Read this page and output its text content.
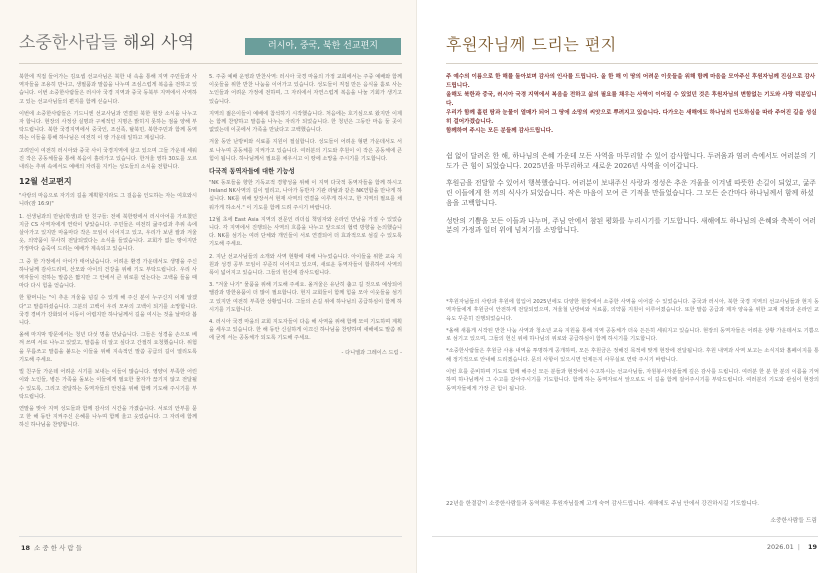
소중한사람들 해외 사역	러시아, 중국, 북한 선교편지

북한에 직접 들어가는 김요셉 선교사님은 북한 내 속을 통해 지역 주민들과 사역자들을 조용히 만나고, 생필품과 말씀을 나누며 조심스럽게 복음을 전하고 있습니다. 이번 소중한사람들은 러시아 국경 지역과 중국 동북부 지역에서 사역하고 있는 선교사님들의 편지를 함께 싣습니다.

이번에 소중한사람들은 기드니엔 선교사님과 연결된 북한 현장 소식을 나누고자 합니다. 현장의 사정상 실명과 구체적인 지명은 밝히지 못하는 점을 양해 부탁드립니다. 북한 국경지역에서 중국인, 조선족, 탈북민, 북한주민과 함께 동역하는 이들을 통해 하나님은 여전히 이 땅 가운데 일하고 계십니다.

고려인이 여전히 러시아와 중국 사이 국경지역에 살고 있으며 그들 가운데 세워진 작은 공동체들을 통해 복음이 흘러가고 있습니다. 한겨울 영하 30도를 오르내리는 추위 속에서도 예배의 자리를 지키는 성도들의 소식을 전합니다.

12월 선교편지

"사랑의 마음으로 자기의 길을 계획할지라도 그 걸음을 인도하는 자는 여호와시니라(잠 16:9)"

1. 선생님과의 만남(학생)과 탄 친구들: 전에 북한땅에서 러시아어를 가르쳤던 지금 CS 사역자에게 연락이 닿았습니다. 주민들은 여전히 굶주림과 추위 속에 살아가고 있지만 마을마다 작은 모임이 이어지고 있고, 우리가 보낸 쌀과 겨울옷, 의약품이 무사히 전달되었다는 소식을 들었습니다. 교회가 없는 땅이지만 가정마다 숨죽여 드리는 예배가 계속되고 있습니다.

그 중 한 가정에서 아이가 태어났습니다. 어려운 환경 가운데서도 생명을 주신 하나님께 감사드리며, 산모와 아이의 건강을 위해 기도 부탁드립니다. 우리 사역자들이 전하는 말씀은 짧지만 그 안에서 큰 위로를 얻는다는 고백을 들을 때마다 다시 힘을 얻습니다.

한 할머니는 "이 추운 겨울을 넘길 수 있게 해 주신 분이 누구신지 이제 알겠다"고 말씀하셨습니다. 그분의 고백이 우리 모두의 고백이 되기를 소망합니다. 국경 경비가 강화되어 이동이 어렵지만 하나님께서 길을 여시는 것을 날마다 봅니다.

올해 마지막 방문에서는 청년 다섯 명을 만났습니다. 그들은 성경을 손으로 베껴 쓰며 서로 나누고 있었고, 말씀을 더 알고 싶다고 간절히 요청했습니다. 위험을 무릅쓰고 말씀을 붙드는 이들을 위해 지속적인 말씀 공급의 길이 열리도록 기도해 주세요.

빌 친구들 가운데 어려운 시기를 보내는 이들이 많습니다. 영양이 부족한 어린이와 노인들, 병든 가족을 돌보는 이들에게 필요한 물자가 끊기지 않고 전달될 수 있도록, 그리고 전달하는 동역자들의 안전을 위해 함께 기도해 주시기를 부탁드립니다.

연말을 맞아 지역 성도들과 함께 감사의 시간을 가졌습니다. 서로의 안부를 묻고 한 해 동안 지켜주신 은혜를 나누며 함께 울고 웃었습니다. 그 자리에 함께 하신 하나님을 찬양합니다.

5. 주중 예배 운영과 반찬사역: 러시아 국경 마을의 가정 교회에서는 주중 예배와 함께 이웃들을 위한 반찬 나눔을 이어가고 있습니다. 성도들이 직접 만든 음식을 홀로 사는 노인들과 어려운 가정에 전하며, 그 자리에서 자연스럽게 복음을 나눌 기회가 생기고 있습니다.

지역의 젊은이들이 예배에 참석하기 시작했습니다. 처음에는 호기심으로 왔지만 이제는 함께 찬양하고 말씀을 나누는 자리가 되었습니다. 한 청년은 그동안 마음 둘 곳이 없었는데 이곳에서 가족을 만났다고 고백했습니다.

겨울 동안 난방비와 식료품 지원이 절실합니다. 성도들이 어려운 형편 가운데서도 서로 나누며 공동체를 지켜가고 있습니다. 여러분의 기도와 후원이 이 작은 공동체에 큰 힘이 됩니다. 하나님께서 필요를 채우시고 이 땅에 소망을 주시기를 기도합니다.

다국적 동역자들에 대한 기능성

"NK 동포들을 향한 기독교적 경향성을 위해 이 지역 다국적 동역자들을 함께 하시고 Ireland NK사역의 길이 열리고, 나아가 동반자 기관 라탈과 같은 NK연합을 만나게 하십니다. NK를 위해 앞장서서 현재 사역의 연결을 이루게 하시고, 한 지역의 필요를 채워가게 하소서." 이 기도를 함께 드려 주시기 바랍니다.

12월 초에 East Asia 지역의 전문인 리더십 책임자와 온라인 만남을 가질 수 있었습니다. 각 지역에서 진행되는 사역의 흐름을 나누고 앞으로의 협력 방향을 논의했습니다. NK를 섬기는 여러 단체와 개인들이 서로 연결되어 더 효과적으로 섬길 수 있도록 기도해 주세요.

2. 지난 선교사님들의 소개와 사역 현황에 대해 나누었습니다. 아이들을 위한 교육 지원과 성경 공부 모임이 꾸준히 이어지고 있으며, 새로운 동역자들이 합류하여 사역의 폭이 넓어지고 있습니다. 그들의 헌신에 감사드립니다.

3. "겨울 나기" 물품을 위해 기도해 주세요. 올겨울은 유난히 춥고 길 것으로 예상되어 땔감과 방한용품이 더 많이 필요합니다. 현지 교회들이 함께 힘을 모아 이웃들을 섬기고 있지만 여전히 부족한 상황입니다. 그들의 손길 위에 하나님의 공급하심이 함께 하시기를 기도합니다.

4. 러시아 국경 마을의 교회 지도자들이 다음 해 사역을 위해 함께 모여 기도하며 계획을 세우고 있습니다. 한 해 동안 신실하게 이끄신 하나님을 찬양하며 새해에도 말씀 위에 굳게 서는 공동체가 되도록 기도해 주세요.

- 다니엘과 그레이스 드림 -

18 소 중 한 사 람 들
후원자님께 드리는 편지

주 예수의 이름으로 한 해를 돌아보며 감사의 인사를 드립니다. 올 한 해 이 땅의 어려운 이웃들을 위해 함께 마음을 모아주신 후원자님께 진심으로 감사드립니다.

올해도 북한과 중국, 러시아 국경 지역에서 복음을 전하고 삶의 필요를 채우는 사역이 이어질 수 있었던 것은 후원자님의 변함없는 기도와 사랑 덕분입니다.

우리가 함께 흘린 땀과 눈물이 열매가 되어 그 땅에 소망의 씨앗으로 뿌려지고 있습니다. 다가오는 새해에도 하나님의 인도하심을 따라 주어진 길을 성실히 걸어가겠습니다.

함께하여 주시는 모든 분들께 감사드립니다.

쉼 없이 달려온 한 해, 하나님의 은혜 가운데 모든 사역을 마무리할 수 있어 감사합니다. 두려움과 염려 속에서도 여러분의 기도가 큰 힘이 되었습니다. 2025년을 마무리하고 새로운 2026년 사역을 이어갑니다.

후원금을 전달할 수 있어서 행복했습니다. 여러분이 보내주신 사랑과 정성은 추운 겨울을 이겨낼 따뜻한 손길이 되었고, 굶주린 이들에게 한 끼의 식사가 되었습니다. 작은 마음이 모여 큰 기적을 만들었습니다. 그 모든 순간마다 하나님께서 함께 하셨음을 고백합니다.

성탄의 기쁨을 모든 이들과 나누며, 주님 안에서 참된 평화를 누리시기를 기도합니다. 새해에도 하나님의 은혜와 축복이 여러분의 가정과 일터 위에 넘치기를 소망합니다.

*후원자님들의 사랑과 후원에 힘입어 2025년에도 다양한 현장에서 소중한 사역을 이어갈 수 있었습니다. 중국과 러시아, 북한 국경 지역의 선교사님들과 현지 동역자들에게 후원금이 안전하게 전달되었으며, 겨울철 난방비와 식료품, 의약품 지원이 이루어졌습니다. 또한 말씀 공급과 제자 양육을 위한 교재 제작과 온라인 교육도 꾸준히 진행되었습니다.

*올해 새롭게 시작된 반찬 나눔 사역과 청소년 교육 지원을 통해 지역 공동체가 더욱 든든히 세워지고 있습니다. 현장의 동역자들은 어려운 상황 가운데서도 기쁨으로 섬기고 있으며, 그들의 헌신 위에 하나님의 위로와 공급하심이 함께 하시기를 기도합니다.

*소중한사람들은 후원금 사용 내역을 투명하게 공개하며, 모든 후원금은 정해진 목적에 맞게 현장에 전달됩니다. 후원 내역과 사역 보고는 소식지와 홈페이지를 통해 정기적으로 안내해 드리겠습니다. 문의 사항이 있으시면 언제든지 사무실로 연락 주시기 바랍니다.

이번 호를 준비하며 기도로 함께 해주신 모든 분들과 현장에서 수고하시는 선교사님들, 자원봉사자분들께 깊은 감사를 드립니다. 여러분 한 분 한 분의 이름을 기억하며 하나님께서 그 수고를 갚아주시기를 기도합니다. 함께 하는 동역자로서 앞으로도 이 길을 함께 걸어주시기를 부탁드립니다. 여러분의 기도와 관심이 현장의 동역자들에게 가장 큰 힘이 됩니다.

22년을 한결같이 소중한사람들과 동역해온 후원자님들께 고개 숙여 감사드립니다. 새해에도 주님 안에서 강건하시길 기도합니다.

소중한사람들 드림
2026.01 | 19
